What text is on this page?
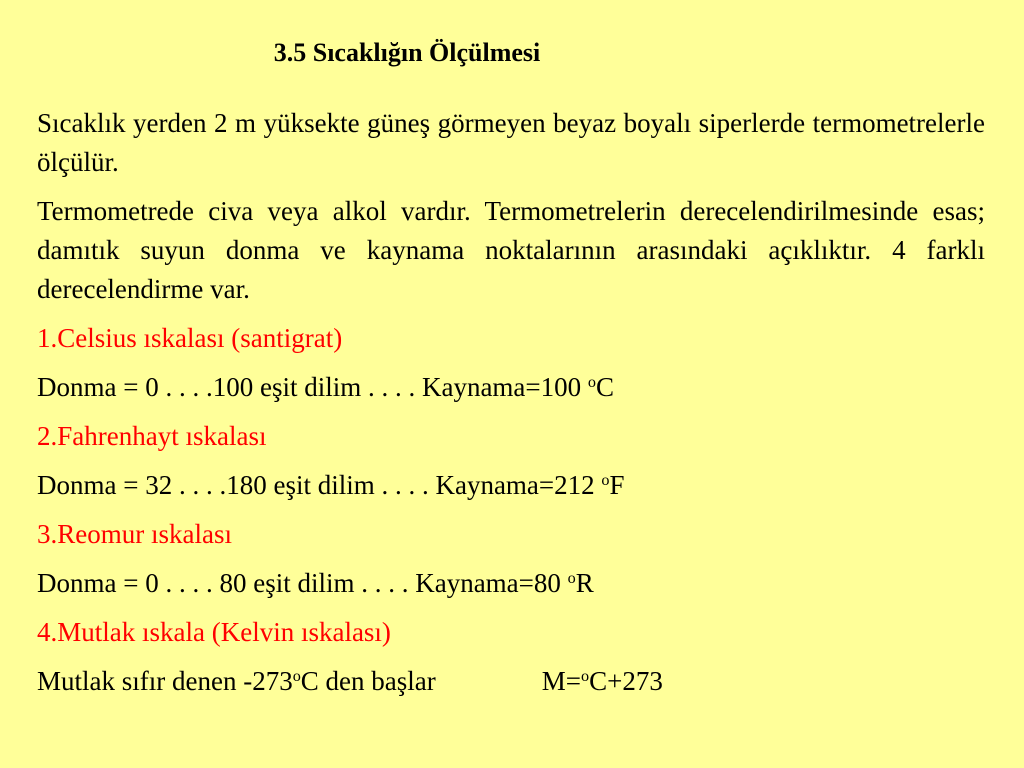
3.5 Sıcaklığın Ölçülmesi

Sıcaklık yerden 2 m yüksekte güneş görmeyen beyaz boyalı siperlerde termometrelerle ölçülür.

Termometrede civa veya alkol vardır. Termometrelerin derecelendirilmesinde esas; damıtık suyun donma ve kaynama noktalarının arasındaki açıklıktır. 4 farklı derecelendirme var.

1.Celsius ıskalası (santigrat)
Donma = 0 . . . .100 eşit dilim . . . . Kaynama=100 $^o$C
2.Fahrenhayt ıskalası
Donma = 32 . . . .180 eşit dilim . . . . Kaynama=212 $^o$F
3.Reomur ıskalası
Donma = 0 . . . . 80 eşit dilim . . . . Kaynama=80 $^o$R
4.Mutlak ıskala (Kelvin ıskalası)
Mutlak sıfır denen -273$^o$C den başlar	M=$^o$C+273
